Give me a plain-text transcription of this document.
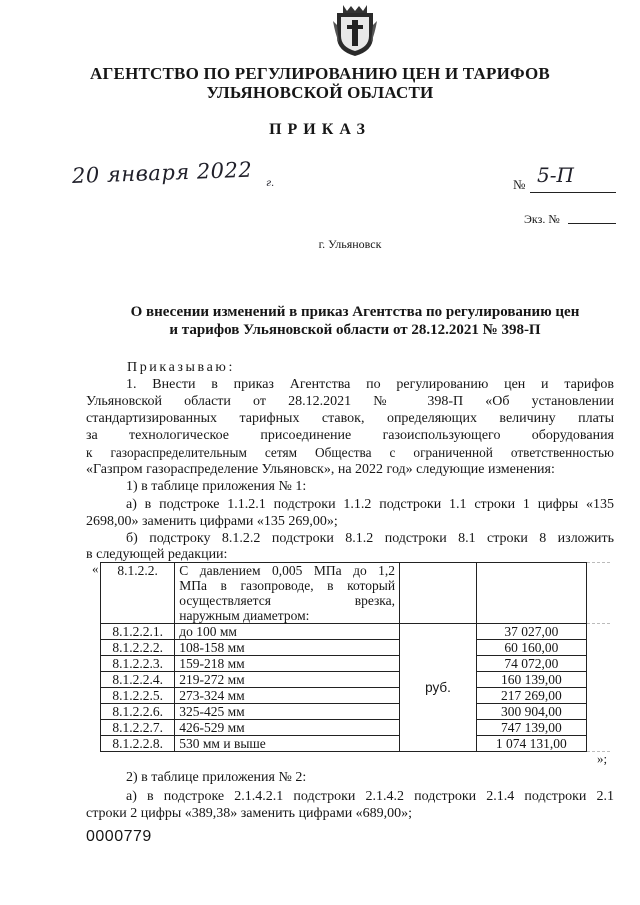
АГЕНТСТВО ПО РЕГУЛИРОВАНИЮ ЦЕН И ТАРИФОВ
УЛЬЯНОВСКОЙ ОБЛАСТИ
ПРИКАЗ
20 января 2022 г.	№ 5-П
Экз. №
г. Ульяновск
О внесении изменений в приказ Агентства по регулированию цен
и тарифов Ульяновской области от 28.12.2021 № 398-П
Приказываю:
1. Внести в приказ Агентства по регулированию цен и тарифов
Ульяновской области от 28.12.2021 № 398-П «Об установлении
стандартизированных тарифных ставок, определяющих величину платы
за технологическое присоединение газоиспользующего оборудования
к газораспределительным сетям Общества с ограниченной ответственностью
«Газпром газораспределение Ульяновск», на 2022 год» следующие изменения:
1) в таблице приложения № 1:
а) в подстроке 1.1.2.1 подстроки 1.1.2 подстроки 1.1 строки 1 цифры «135
2698,00» заменить цифрами «135 269,00»;
б) подстроку 8.1.2.2 подстроки 8.1.2 подстроки 8.1 строки 8 изложить
в следующей редакции:
« 8.1.2.2.	С давлением 0,005 МПа до 1,2
МПа в газопроводе, в который
осуществляется врезка,
наружным диаметром:			

8.1.2.2.1.	до 100 мм	руб.	37 027,00	
8.1.2.2.2.	108-158 мм		60 160,00	
8.1.2.2.3.	159-218 мм		74 072,00	
8.1.2.2.4.	219-272 мм		160 139,00	
8.1.2.2.5.	273-324 мм		217 269,00	
8.1.2.2.6.	325-425 мм		300 904,00	
8.1.2.2.7.	426-529 мм		747 139,00	
8.1.2.2.8.	530 мм и выше		1 074 131,00	
»;
2) в таблице приложения № 2:
а) в подстроке 2.1.4.2.1 подстроки 2.1.4.2 подстроки 2.1.4 подстроки 2.1
строки 2 цифры «389,38» заменить цифрами «689,00»;
0000779
